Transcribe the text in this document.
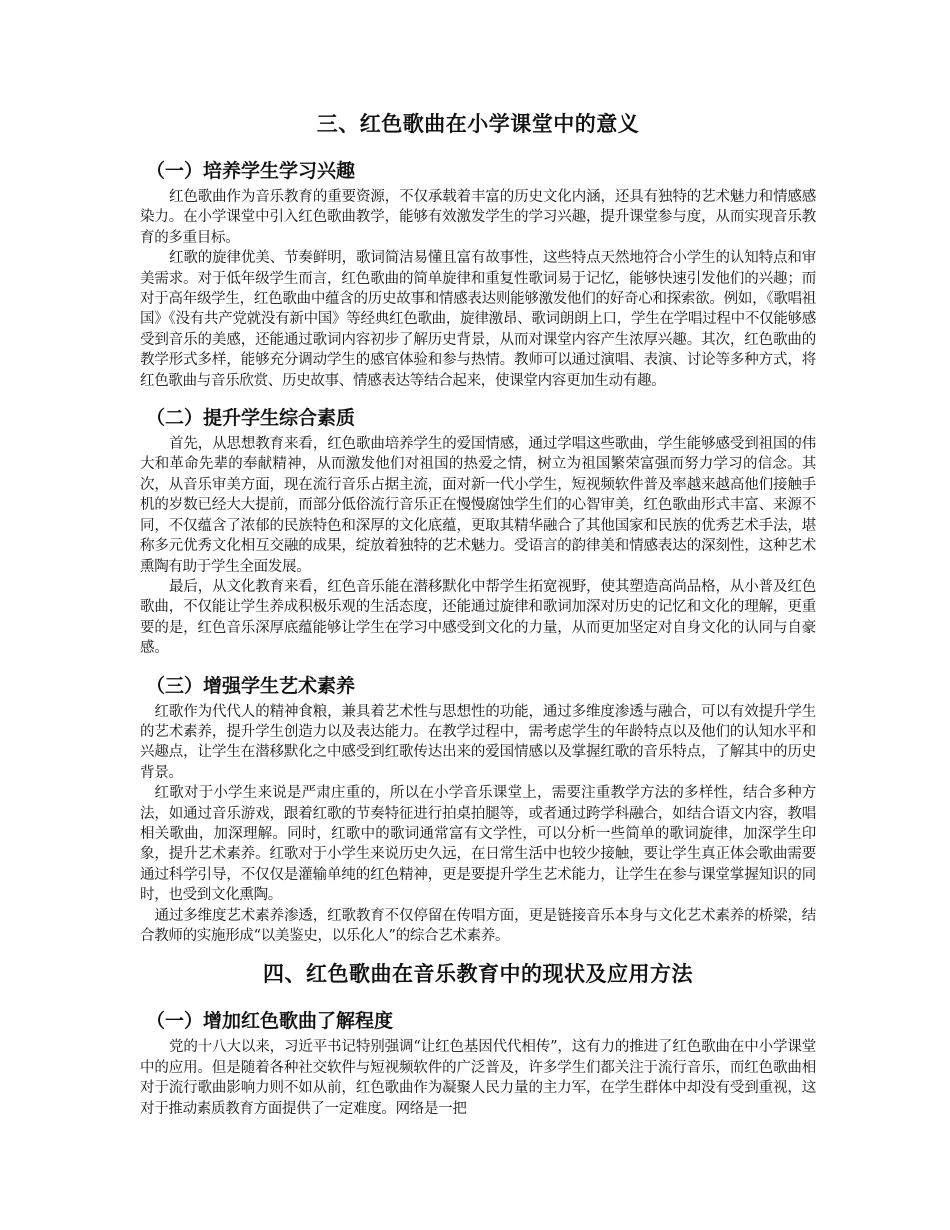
三、红色歌曲在小学课堂中的意义
（一）培养学生学习兴趣

红色歌曲作为音乐教育的重要资源，不仅承载着丰富的历史文化内涵，还具有独特的艺术魅力和情感感染力。在小学课堂中引入红色歌曲教学，能够有效激发学生的学习兴趣，提升课堂参与度，从而实现音乐教育的多重目标。

红歌的旋律优美、节奏鲜明，歌词简洁易懂且富有故事性，这些特点天然地符合小学生的认知特点和审美需求。对于低年级学生而言，红色歌曲的简单旋律和重复性歌词易于记忆，能够快速引发他们的兴趣；而对于高年级学生，红色歌曲中蕴含的历史故事和情感表达则能够激发他们的好奇心和探索欲。例如，《歌唱祖国》《没有共产党就没有新中国》等经典红色歌曲，旋律激昂、歌词朗朗上口，学生在学唱过程中不仅能够感受到音乐的美感，还能通过歌词内容初步了解历史背景，从而对课堂内容产生浓厚兴趣。其次，红色歌曲的教学形式多样，能够充分调动学生的感官体验和参与热情。教师可以通过演唱、表演、讨论等多种方式，将红色歌曲与音乐欣赏、历史故事、情感表达等结合起来，使课堂内容更加生动有趣。

（二）提升学生综合素质

首先，从思想教育来看，红色歌曲培养学生的爱国情感，通过学唱这些歌曲，学生能够感受到祖国的伟大和革命先辈的奉献精神，从而激发他们对祖国的热爱之情，树立为祖国繁荣富强而努力学习的信念。其次，从音乐审美方面，现在流行音乐占据主流，面对新一代小学生，短视频软件普及率越来越高他们接触手机的岁数已经大大提前，而部分低俗流行音乐正在慢慢腐蚀学生们的心智审美，红色歌曲形式丰富、来源不同，不仅蕴含了浓郁的民族特色和深厚的文化底蕴，更取其精华融合了其他国家和民族的优秀艺术手法，堪称多元优秀文化相互交融的成果，绽放着独特的艺术魅力。受语言的韵律美和情感表达的深刻性，这种艺术熏陶有助于学生全面发展。

最后，从文化教育来看，红色音乐能在潜移默化中帮学生拓宽视野，使其塑造高尚品格，从小普及红色歌曲，不仅能让学生养成积极乐观的生活态度，还能通过旋律和歌词加深对历史的记忆和文化的理解，更重要的是，红色音乐深厚底蕴能够让学生在学习中感受到文化的力量，从而更加坚定对自身文化的认同与自豪感。

（三）增强学生艺术素养

红歌作为代代人的精神食粮，兼具着艺术性与思想性的功能，通过多维度渗透与融合，可以有效提升学生的艺术素养，提升学生创造力以及表达能力。在教学过程中，需考虑学生的年龄特点以及他们的认知水平和兴趣点，让学生在潜移默化之中感受到红歌传达出来的爱国情感以及掌握红歌的音乐特点，了解其中的历史背景。

红歌对于小学生来说是严肃庄重的，所以在小学音乐课堂上，需要注重教学方法的多样性，结合多种方法，如通过音乐游戏，跟着红歌的节奏特征进行拍桌拍腿等，或者通过跨学科融合，如结合语文内容，教唱相关歌曲，加深理解。同时，红歌中的歌词通常富有文学性，可以分析一些简单的歌词旋律，加深学生印象，提升艺术素养。红歌对于小学生来说历史久远，在日常生活中也较少接触，要让学生真正体会歌曲需要通过科学引导，不仅仅是灌输单纯的红色精神，更是要提升学生艺术能力，让学生在参与课堂掌握知识的同时，也受到文化熏陶。

通过多维度艺术素养渗透，红歌教育不仅停留在传唱方面，更是链接音乐本身与文化艺术素养的桥梁，结合教师的实施形成“以美鉴史，以乐化人”的综合艺术素养。

四、红色歌曲在音乐教育中的现状及应用方法
（一）增加红色歌曲了解程度

党的十八大以来，习近平书记特别强调“让红色基因代代相传”，这有力的推进了红色歌曲在中小学课堂中的应用。但是随着各种社交软件与短视频软件的广泛普及，许多学生们都关注于流行音乐，而红色歌曲相对于流行歌曲影响力则不如从前，红色歌曲作为凝聚人民力量的主力军，在学生群体中却没有受到重视，这对于推动素质教育方面提供了一定难度。网络是一把
